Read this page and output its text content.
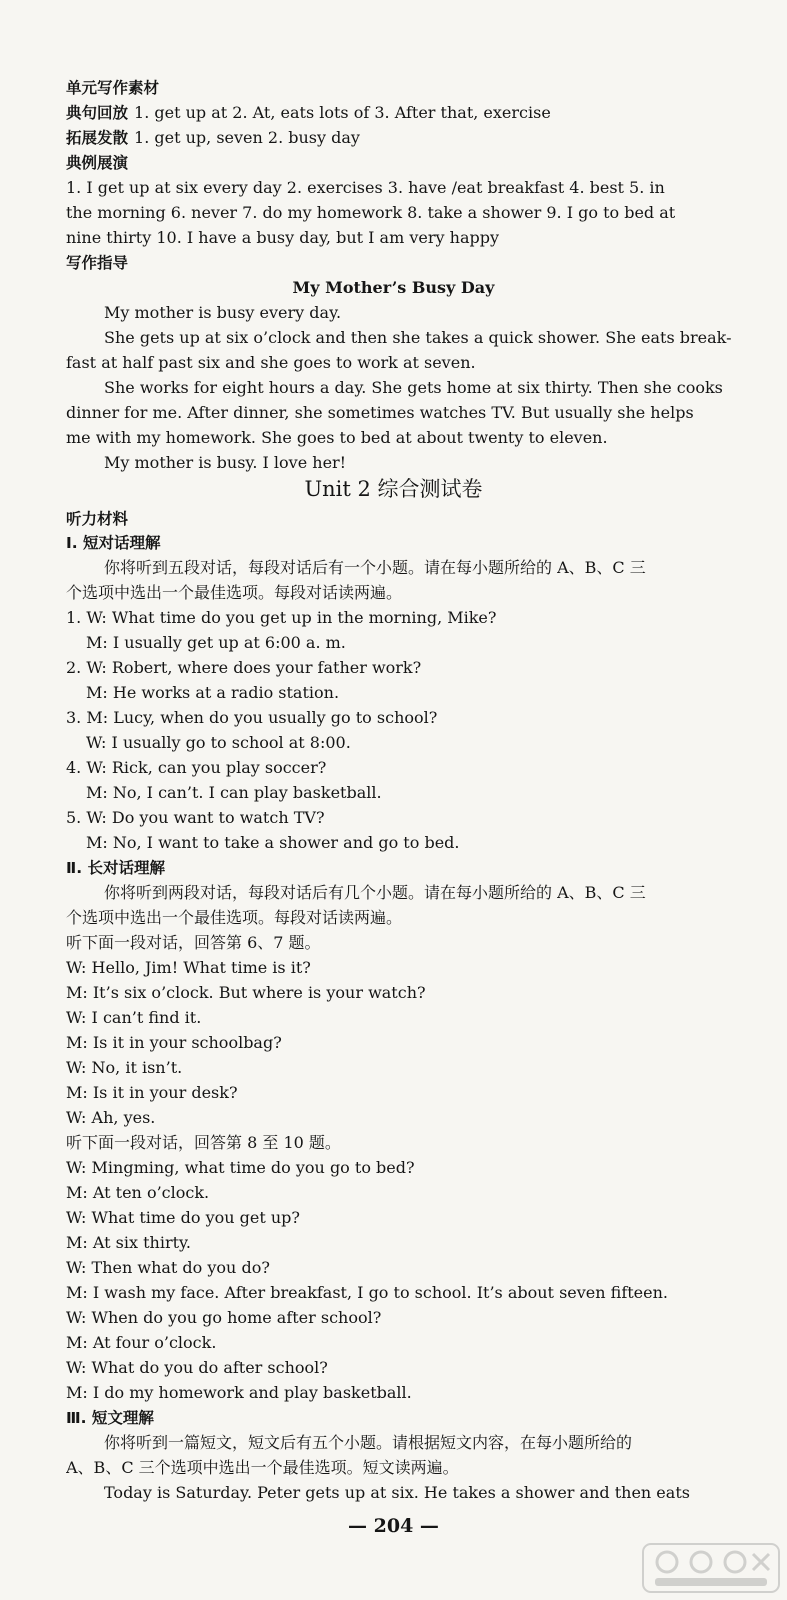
单元写作素材
典句回放 1. get up at 2. At, eats lots of 3. After that, exercise
拓展发散 1. get up, seven 2. busy day
典例展演
1. I get up at six every day 2. exercises 3. have /eat breakfast 4. best 5. in
the morning 6. never 7. do my homework 8. take a shower 9. I go to bed at
nine thirty 10. I have a busy day, but I am very happy
写作指导
My Mother’s Busy Day
My mother is busy every day.
She gets up at six o’clock and then she takes a quick shower. She eats break-
fast at half past six and she goes to work at seven.
She works for eight hours a day. She gets home at six thirty. Then she cooks
dinner for me. After dinner, she sometimes watches TV. But usually she helps
me with my homework. She goes to bed at about twenty to eleven.
My mother is busy. I love her!
Unit 2 综合测试卷
听力材料
Ⅰ. 短对话理解
你将听到五段对话，每段对话后有一个小题。请在每小题所给的 A、B、C 三
个选项中选出一个最佳选项。每段对话读两遍。
1. W: What time do you get up in the morning, Mike?
M: I usually get up at 6:00 a. m.
2. W: Robert, where does your father work?
M: He works at a radio station.
3. M: Lucy, when do you usually go to school?
W: I usually go to school at 8:00.
4. W: Rick, can you play soccer?
M: No, I can’t. I can play basketball.
5. W: Do you want to watch TV?
M: No, I want to take a shower and go to bed.
Ⅱ. 长对话理解
你将听到两段对话，每段对话后有几个小题。请在每小题所给的 A、B、C 三
个选项中选出一个最佳选项。每段对话读两遍。
听下面一段对话，回答第 6、7 题。
W: Hello, Jim! What time is it?
M: It’s six o’clock. But where is your watch?
W: I can’t find it.
M: Is it in your schoolbag?
W: No, it isn’t.
M: Is it in your desk?
W: Ah, yes.
听下面一段对话，回答第 8 至 10 题。
W: Mingming, what time do you go to bed?
M: At ten o’clock.
W: What time do you get up?
M: At six thirty.
W: Then what do you do?
M: I wash my face. After breakfast, I go to school. It’s about seven fifteen.
W: When do you go home after school?
M: At four o’clock.
W: What do you do after school?
M: I do my homework and play basketball.
Ⅲ. 短文理解
你将听到一篇短文，短文后有五个小题。请根据短文内容，在每小题所给的
A、B、C 三个选项中选出一个最佳选项。短文读两遍。
Today is Saturday. Peter gets up at six. He takes a shower and then eats
— 204 —
